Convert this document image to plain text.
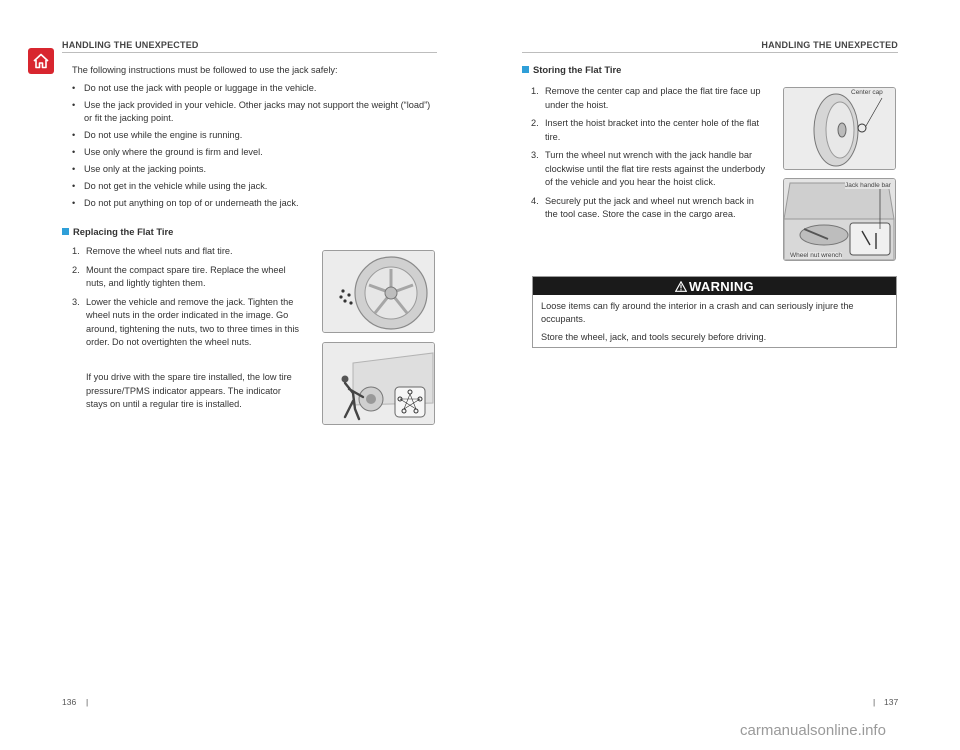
HANDLING THE UNEXPECTED	HANDLING THE UNEXPECTED
The following instructions must be followed to use the jack safely:
• Do not use the jack with people or luggage in the vehicle.
• Use the jack provided in your vehicle. Other jacks may not support the weight (“load”) or fit the jacking point.
• Do not use while the engine is running.
• Use only where the ground is firm and level.
• Use only at the jacking points.
• Do not get in the vehicle while using the jack.
• Do not put anything on top of or underneath the jack.
Replacing the Flat Tire
1. Remove the wheel nuts and flat tire.
2. Mount the compact spare tire. Replace the wheel nuts, and lightly tighten them.
3. Lower the vehicle and remove the jack. Tighten the wheel nuts in the order indicated in the image. Go around, tightening the nuts, two to three times in this order. Do not overtighten the wheel nuts.
If you drive with the spare tire installed, the low tire pressure/TPMS indicator appears. The indicator stays on until a regular tire is installed.
Storing the Flat Tire
1. Remove the center cap and place the flat tire face up under the hoist.
2. Insert the hoist bracket into the center hole of the flat tire.
3. Turn the wheel nut wrench with the jack handle bar clockwise until the flat tire rests against the underbody of the vehicle and you hear the hoist click.
4. Securely put the jack and wheel nut wrench back in the tool case. Store the case in the cargo area.
Center cap
Jack handle bar
Wheel nut wrench
WARNING

Loose items can fly around the interior in a crash and can seriously injure the occupants.

Store the wheel, jack, and tools securely before driving.

136 |	| 137
carmanualsonline.info
